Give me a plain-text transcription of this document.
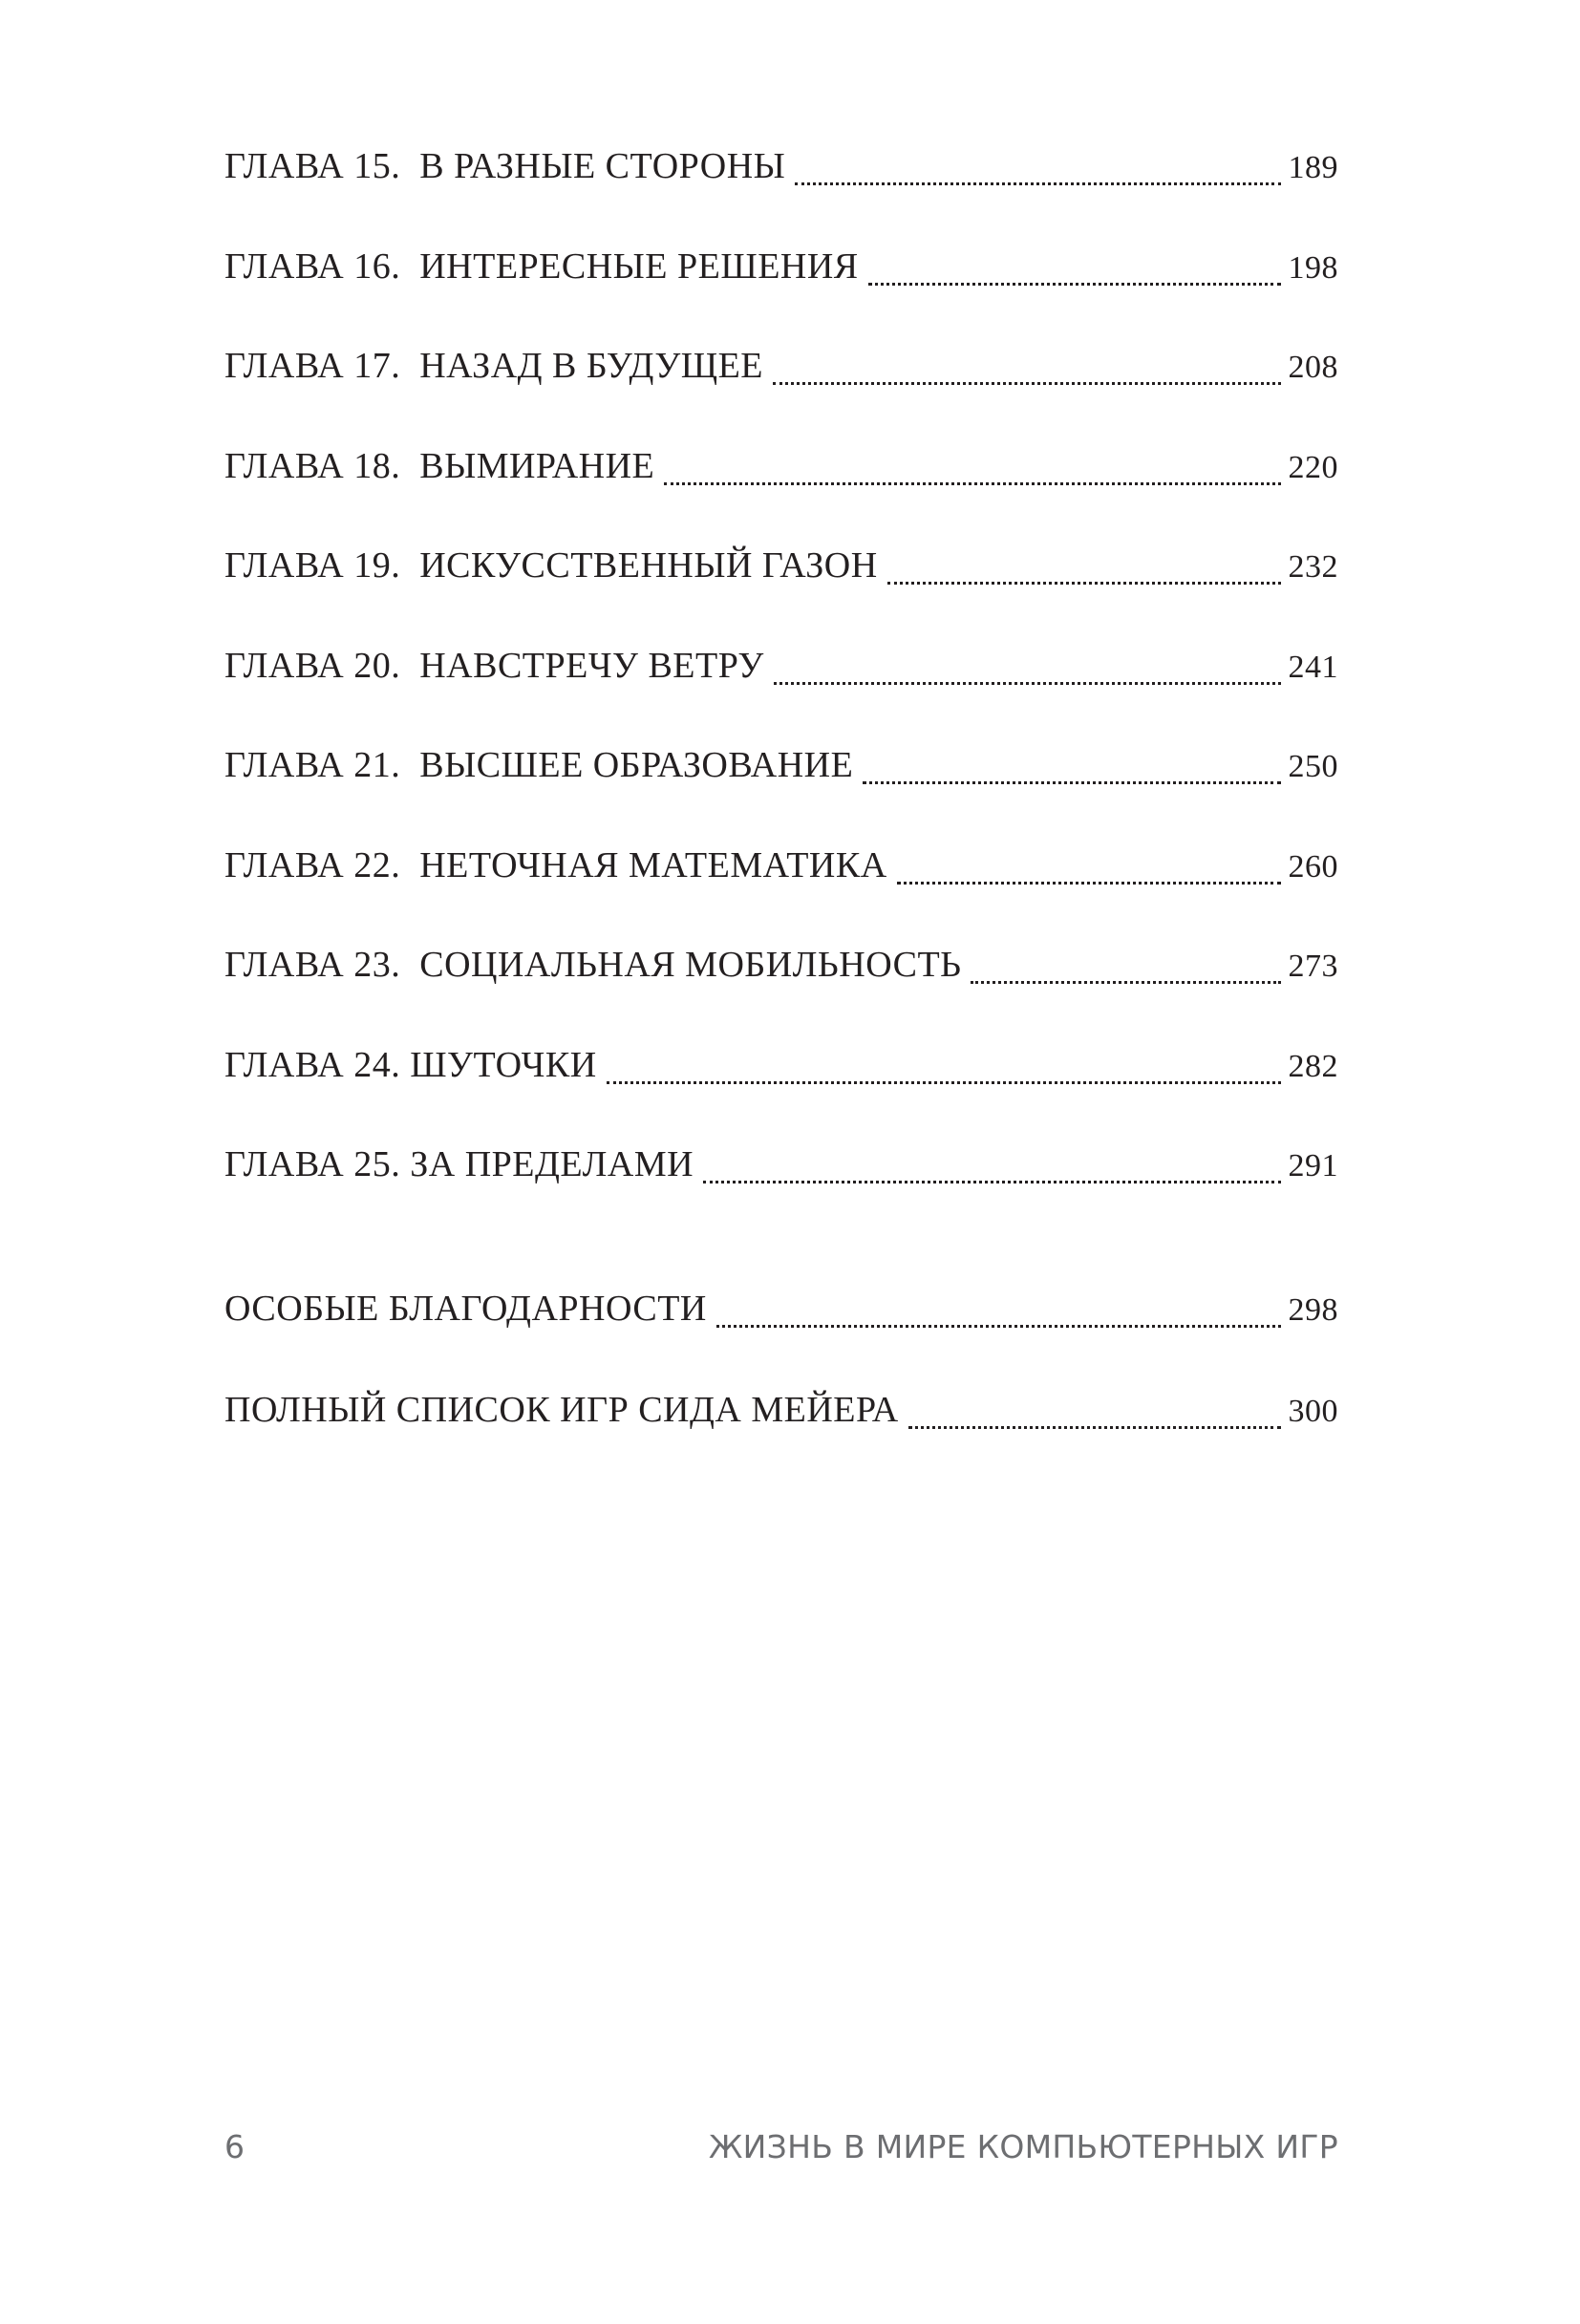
ГЛАВА 15.  В РАЗНЫЕ СТОРОНЫ	189
ГЛАВА 16.  ИНТЕРЕСНЫЕ РЕШЕНИЯ	198
ГЛАВА 17.  НАЗАД В БУДУЩЕЕ	208
ГЛАВА 18.  ВЫМИРАНИЕ	220
ГЛАВА 19.  ИСКУССТВЕННЫЙ ГАЗОН	232
ГЛАВА 20.  НАВСТРЕЧУ ВЕТРУ	241
ГЛАВА 21.  ВЫСШЕЕ ОБРАЗОВАНИЕ	250
ГЛАВА 22.  НЕТОЧНАЯ МАТЕМАТИКА	260
ГЛАВА 23.  СОЦИАЛЬНАЯ МОБИЛЬНОСТЬ	273
ГЛАВА 24. ШУТОЧКИ	282
ГЛАВА 25. ЗА ПРЕДЕЛАМИ	291
ОСОБЫЕ БЛАГОДАРНОСТИ	298
ПОЛНЫЙ СПИСОК ИГР СИДА МЕЙЕРА	300
6	ЖИЗНЬ В МИРЕ КОМПЬЮТЕРНЫХ ИГР
